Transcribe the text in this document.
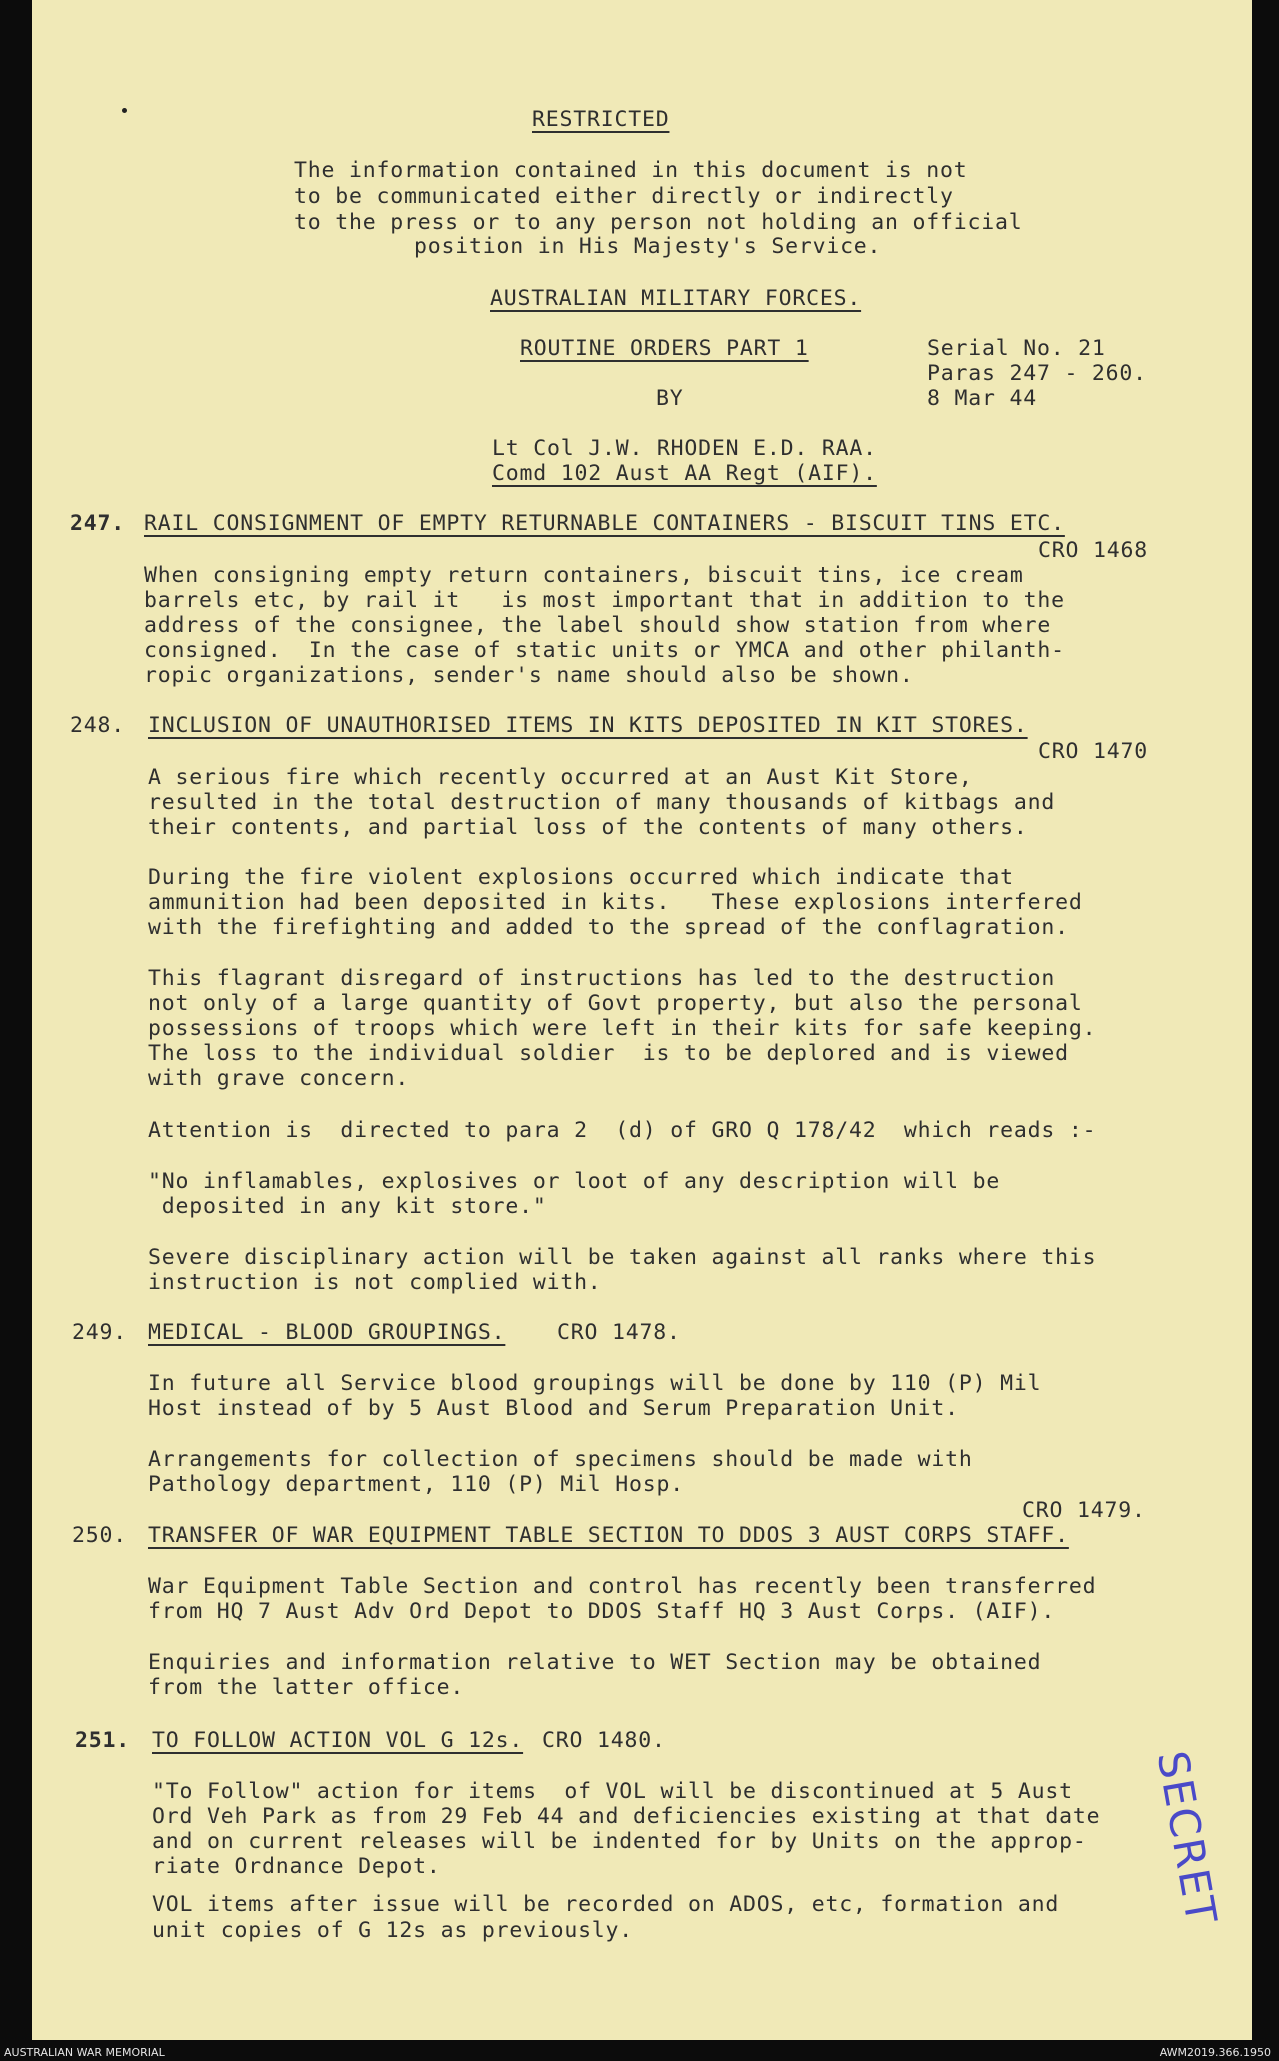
RESTRICTED
The information contained in this document is not
to be communicated either directly or indirectly
to the press or to any person not holding an official
position in His Majesty's Service.
AUSTRALIAN MILITARY FORCES.
ROUTINE ORDERS PART 1	Serial No. 21
Paras 247 - 260.
BY	8 Mar 44
Lt Col J.W. RHODEN E.D. RAA.
Comd 102 Aust AA Regt (AIF).
247. RAIL CONSIGNMENT OF EMPTY RETURNABLE CONTAINERS - BISCUIT TINS ETC.
CRO 1468
When consigning empty return containers, biscuit tins, ice cream
barrels etc, by rail it   is most important that in addition to the
address of the consignee, the label should show station from where
consigned.  In the case of static units or YMCA and other philanth-
ropic organizations, sender's name should also be shown.
248. INCLUSION OF UNAUTHORISED ITEMS IN KITS DEPOSITED IN KIT STORES.
CRO 1470
A serious fire which recently occurred at an Aust Kit Store,
resulted in the total destruction of many thousands of kitbags and
their contents, and partial loss of the contents of many others.
During the fire violent explosions occurred which indicate that
ammunition had been deposited in kits.   These explosions interfered
with the firefighting and added to the spread of the conflagration.
This flagrant disregard of instructions has led to the destruction
not only of a large quantity of Govt property, but also the personal
possessions of troops which were left in their kits for safe keeping.
The loss to the individual soldier  is to be deplored and is viewed
with grave concern.
Attention is  directed to para 2  (d) of GRO Q 178/42  which reads :-
"No inflamables, explosives or loot of any description will be
deposited in any kit store."
Severe disciplinary action will be taken against all ranks where this
instruction is not complied with.
249. MEDICAL - BLOOD GROUPINGS. CRO 1478.
In future all Service blood groupings will be done by 110 (P) Mil
Host instead of by 5 Aust Blood and Serum Preparation Unit.
Arrangements for collection of specimens should be made with
Pathology department, 110 (P) Mil Hosp.
CRO 1479.
250. TRANSFER OF WAR EQUIPMENT TABLE SECTION TO DDOS 3 AUST CORPS STAFF.
War Equipment Table Section and control has recently been transferred
from HQ 7 Aust Adv Ord Depot to DDOS Staff HQ 3 Aust Corps. (AIF).
Enquiries and information relative to WET Section may be obtained
from the latter office.
251. TO FOLLOW ACTION VOL G 12s. CRO 1480.
"To Follow" action for items  of VOL will be discontinued at 5 Aust
Ord Veh Park as from 29 Feb 44 and deficiencies existing at that date
and on current releases will be indented for by Units on the approp-
riate Ordnance Depot.
VOL items after issue will be recorded on ADOS, etc, formation and
unit copies of G 12s as previously.
SECRET
AUSTRALIAN WAR MEMORIAL	AWM2019.366.1950
